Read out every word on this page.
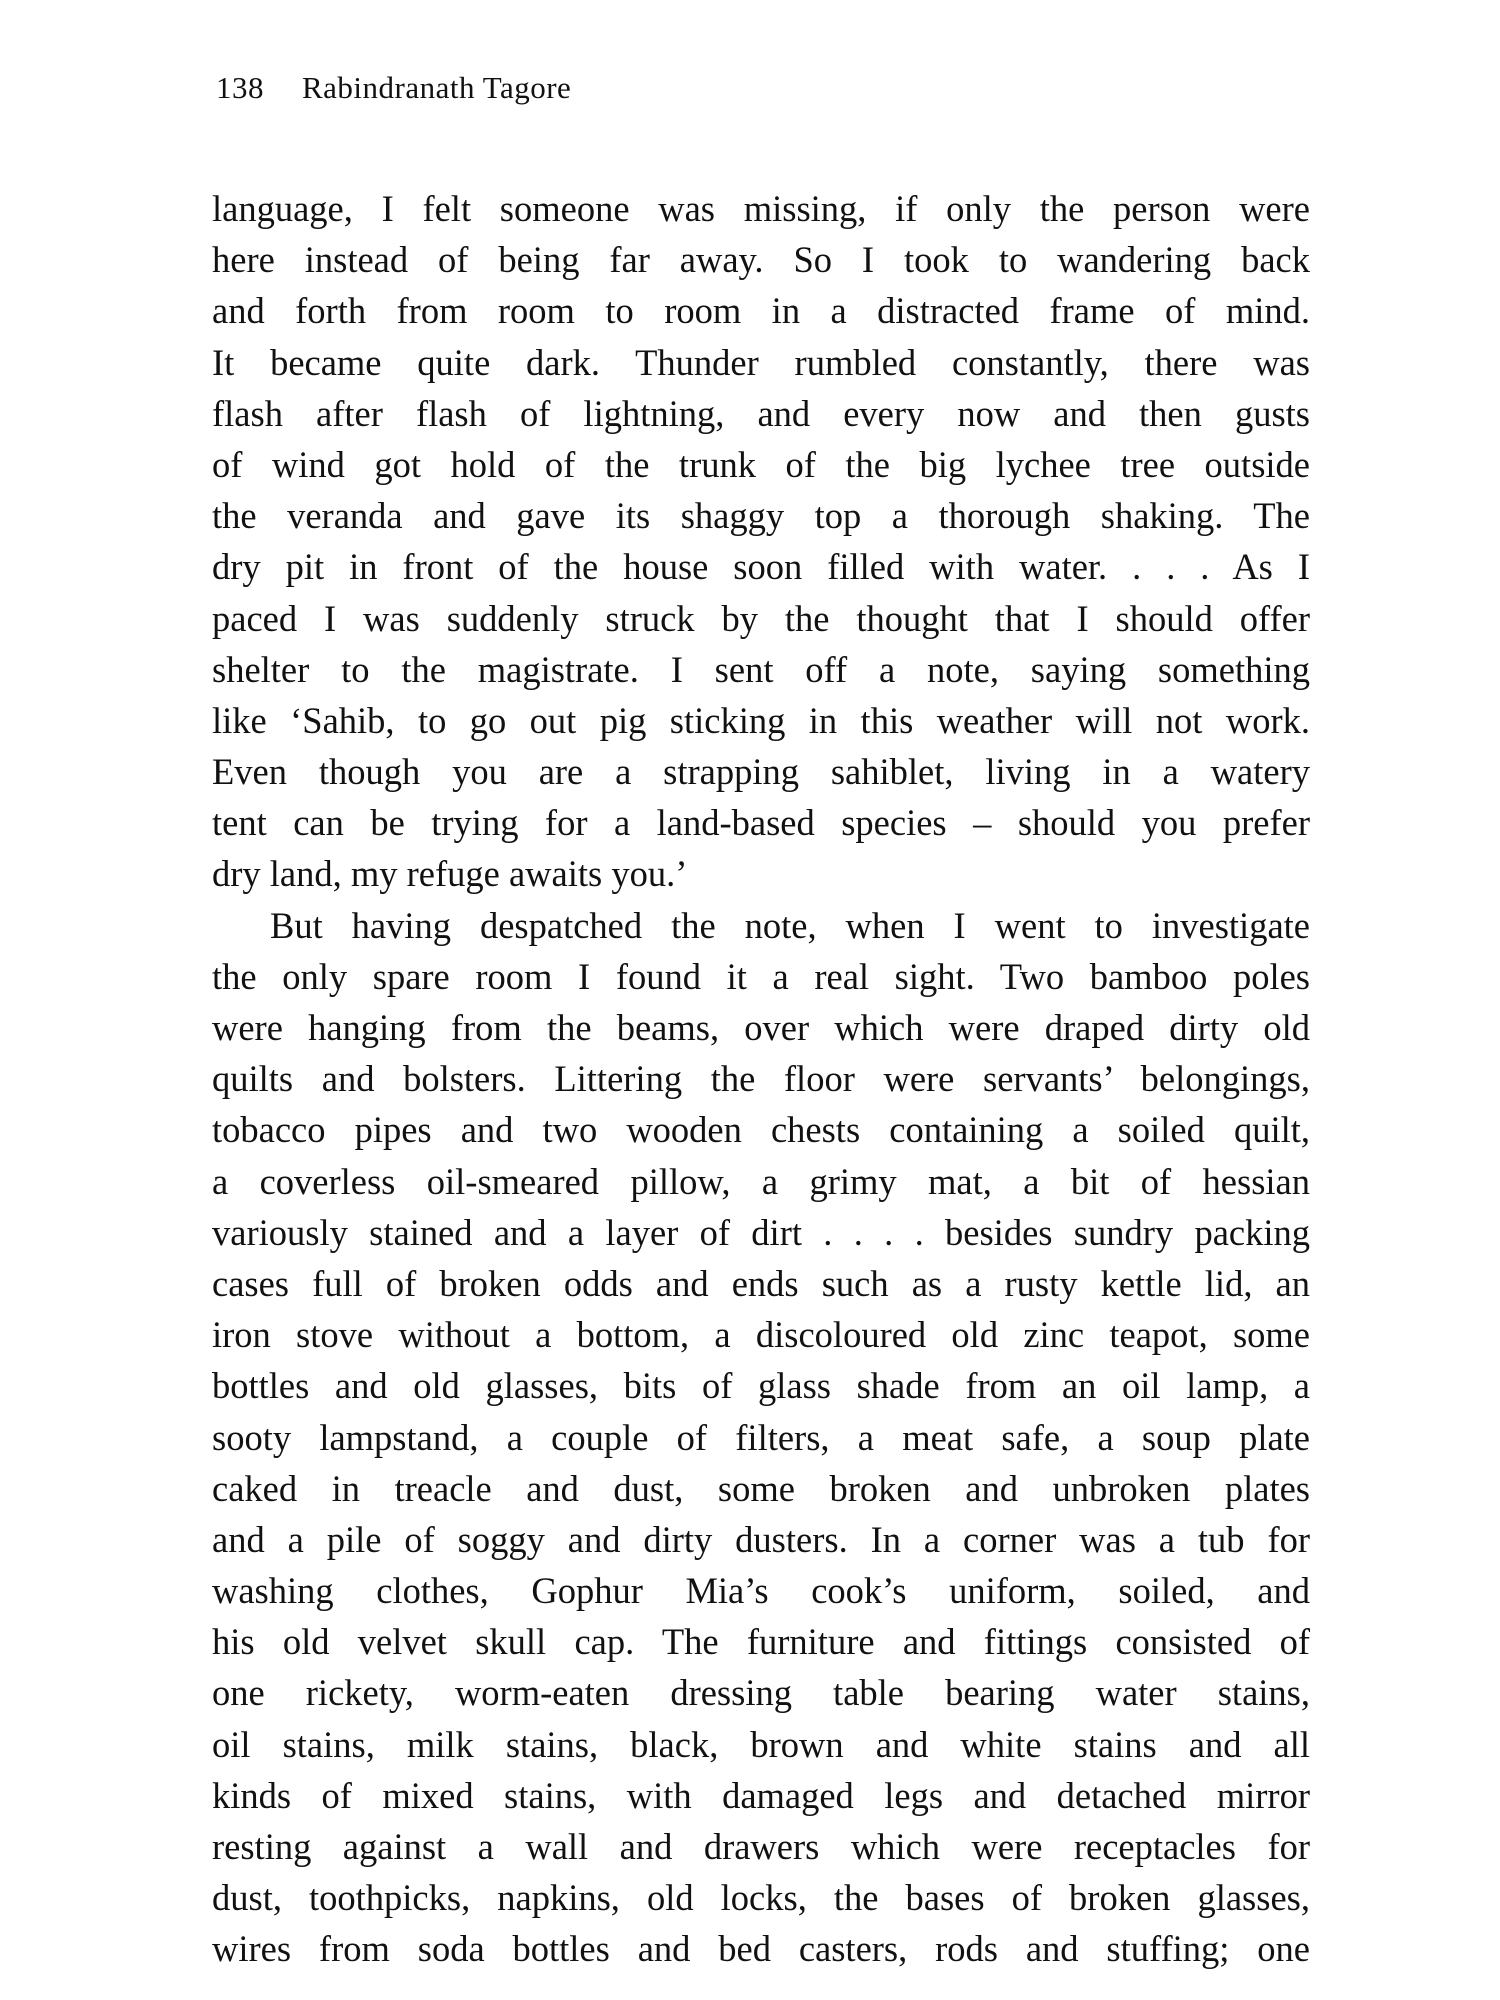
138 Rabindranath Tagore

language, I felt someone was missing, if only the person were
here instead of being far away. So I took to wandering back
and forth from room to room in a distracted frame of mind.
It became quite dark. Thunder rumbled constantly, there was
flash after flash of lightning, and every now and then gusts
of wind got hold of the trunk of the big lychee tree outside
the veranda and gave its shaggy top a thorough shaking. The
dry pit in front of the house soon filled with water. . . . As I
paced I was suddenly struck by the thought that I should offer
shelter to the magistrate. I sent off a note, saying something
like ‘Sahib, to go out pig sticking in this weather will not work.
Even though you are a strapping sahiblet, living in a watery
tent can be trying for a land-based species – should you prefer
dry land, my refuge awaits you.’

But having despatched the note, when I went to investigate
the only spare room I found it a real sight. Two bamboo poles
were hanging from the beams, over which were draped dirty old
quilts and bolsters. Littering the floor were servants’ belongings,
tobacco pipes and two wooden chests containing a soiled quilt,
a coverless oil-smeared pillow, a grimy mat, a bit of hessian
variously stained and a layer of dirt . . . . besides sundry packing
cases full of broken odds and ends such as a rusty kettle lid, an
iron stove without a bottom, a discoloured old zinc teapot, some
bottles and old glasses, bits of glass shade from an oil lamp, a
sooty lampstand, a couple of filters, a meat safe, a soup plate
caked in treacle and dust, some broken and unbroken plates
and a pile of soggy and dirty dusters. In a corner was a tub for
washing clothes, Gophur Mia’s cook’s uniform, soiled, and
his old velvet skull cap. The furniture and fittings consisted of
one rickety, worm-eaten dressing table bearing water stains,
oil stains, milk stains, black, brown and white stains and all
kinds of mixed stains, with damaged legs and detached mirror
resting against a wall and drawers which were receptacles for
dust, toothpicks, napkins, old locks, the bases of broken glasses,
wires from soda bottles and bed casters, rods and stuffing; one
